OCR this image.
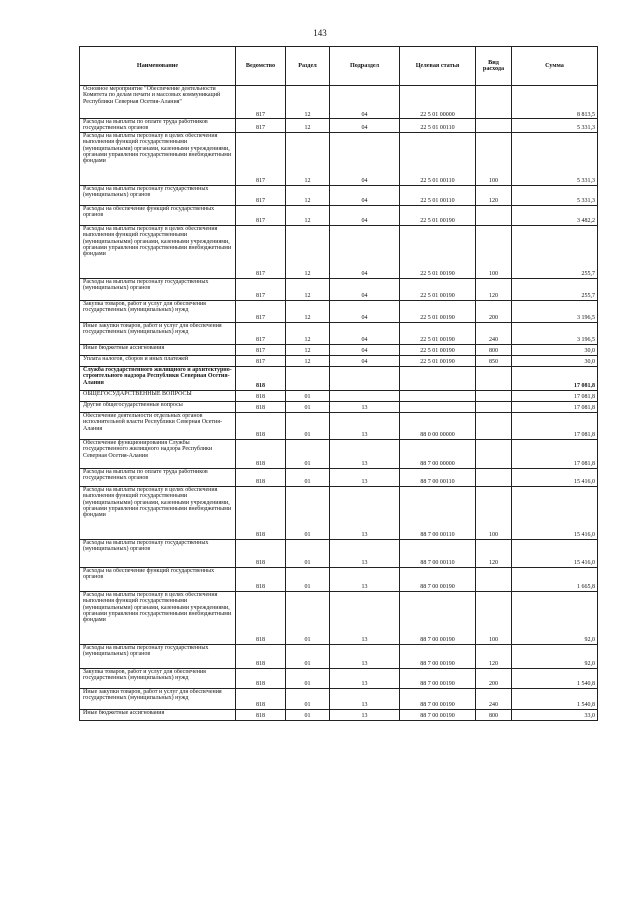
143
Наименование	Ведомство	Раздел	Подраздел	Целевая статья	Вид расхода	Сумма
Основное мероприятие "Обеспечение деятельности Комитета по делам печати и массовых коммуникаций Республики Северная Осетия-Алания"	817	12	04	22 5 01 00000		8 813,5
Расходы на выплаты по оплате труда работников государственных органов	817	12	04	22 5 01 00110		5 331,3
Расходы на выплаты персоналу в целях обеспечения выполнения функций государственными (муниципальными) органами, казенными учреждениями, органами управления государственными внебюджетными фондами	817	12	04	22 5 01 00110	100	5 331,3
Расходы на выплаты персоналу государственных (муниципальных) органов	817	12	04	22 5 01 00110	120	5 331,3
Расходы на обеспечение функций государственных органов	817	12	04	22 5 01 00190		3 482,2
Расходы на выплаты персоналу в целях обеспечения выполнения функций государственными (муниципальными) органами, казенными учреждениями, органами управления государственными внебюджетными фондами	817	12	04	22 5 01 00190	100	255,7
Расходы на выплаты персоналу государственных (муниципальных) органов	817	12	04	22 5 01 00190	120	255,7
Закупка товаров, работ и услуг для обеспечения государственных (муниципальных) нужд	817	12	04	22 5 01 00190	200	3 196,5
Иные закупки товаров, работ и услуг для обеспечения государственных (муниципальных) нужд	817	12	04	22 5 01 00190	240	3 196,5
Иные бюджетные ассигнования	817	12	04	22 5 01 00190	800	30,0
Уплата налогов, сборов и иных платежей	817	12	04	22 5 01 00190	850	30,0
Служба государственного жилищного и архитектурно-строительного надзора Республики Северная Осетия-Алания	818					17 081,8
ОБЩЕГОСУДАРСТВЕННЫЕ ВОПРОСЫ	818	01				17 081,8
Другие общегосударственные вопросы	818	01	13			17 081,8
Обеспечение деятельности отдельных органов исполнительной власти Республики Северная Осетия-Алания	818	01	13	88 0 00 00000		17 081,8
Обеспечение функционирования Службы государственного жилищного надзора Республики Северная Осетия-Алания	818	01	13	88 7 00 00000		17 081,8
Расходы на выплаты по оплате труда работников государственных органов	818	01	13	88 7 00 00110		15 416,0
Расходы на выплаты персоналу в целях обеспечения выполнения функций государственными (муниципальными) органами, казенными учреждениями, органами управления государственными внебюджетными фондами	818	01	13	88 7 00 00110	100	15 416,0
Расходы на выплаты персоналу государственных (муниципальных) органов	818	01	13	88 7 00 00110	120	15 416,0
Расходы на обеспечение функций государственных органов	818	01	13	88 7 00 00190		1 665,8
Расходы на выплаты персоналу в целях обеспечения выполнения функций государственными (муниципальными) органами, казенными учреждениями, органами управления государственными внебюджетными фондами	818	01	13	88 7 00 00190	100	92,0
Расходы на выплаты персоналу государственных (муниципальных) органов	818	01	13	88 7 00 00190	120	92,0
Закупка товаров, работ и услуг для обеспечения государственных (муниципальных) нужд	818	01	13	88 7 00 00190	200	1 540,8
Иные закупки товаров, работ и услуг для обеспечения государственных (муниципальных) нужд	818	01	13	88 7 00 00190	240	1 540,8
Иные бюджетные ассигнования	818	01	13	88 7 00 00190	800	33,0
